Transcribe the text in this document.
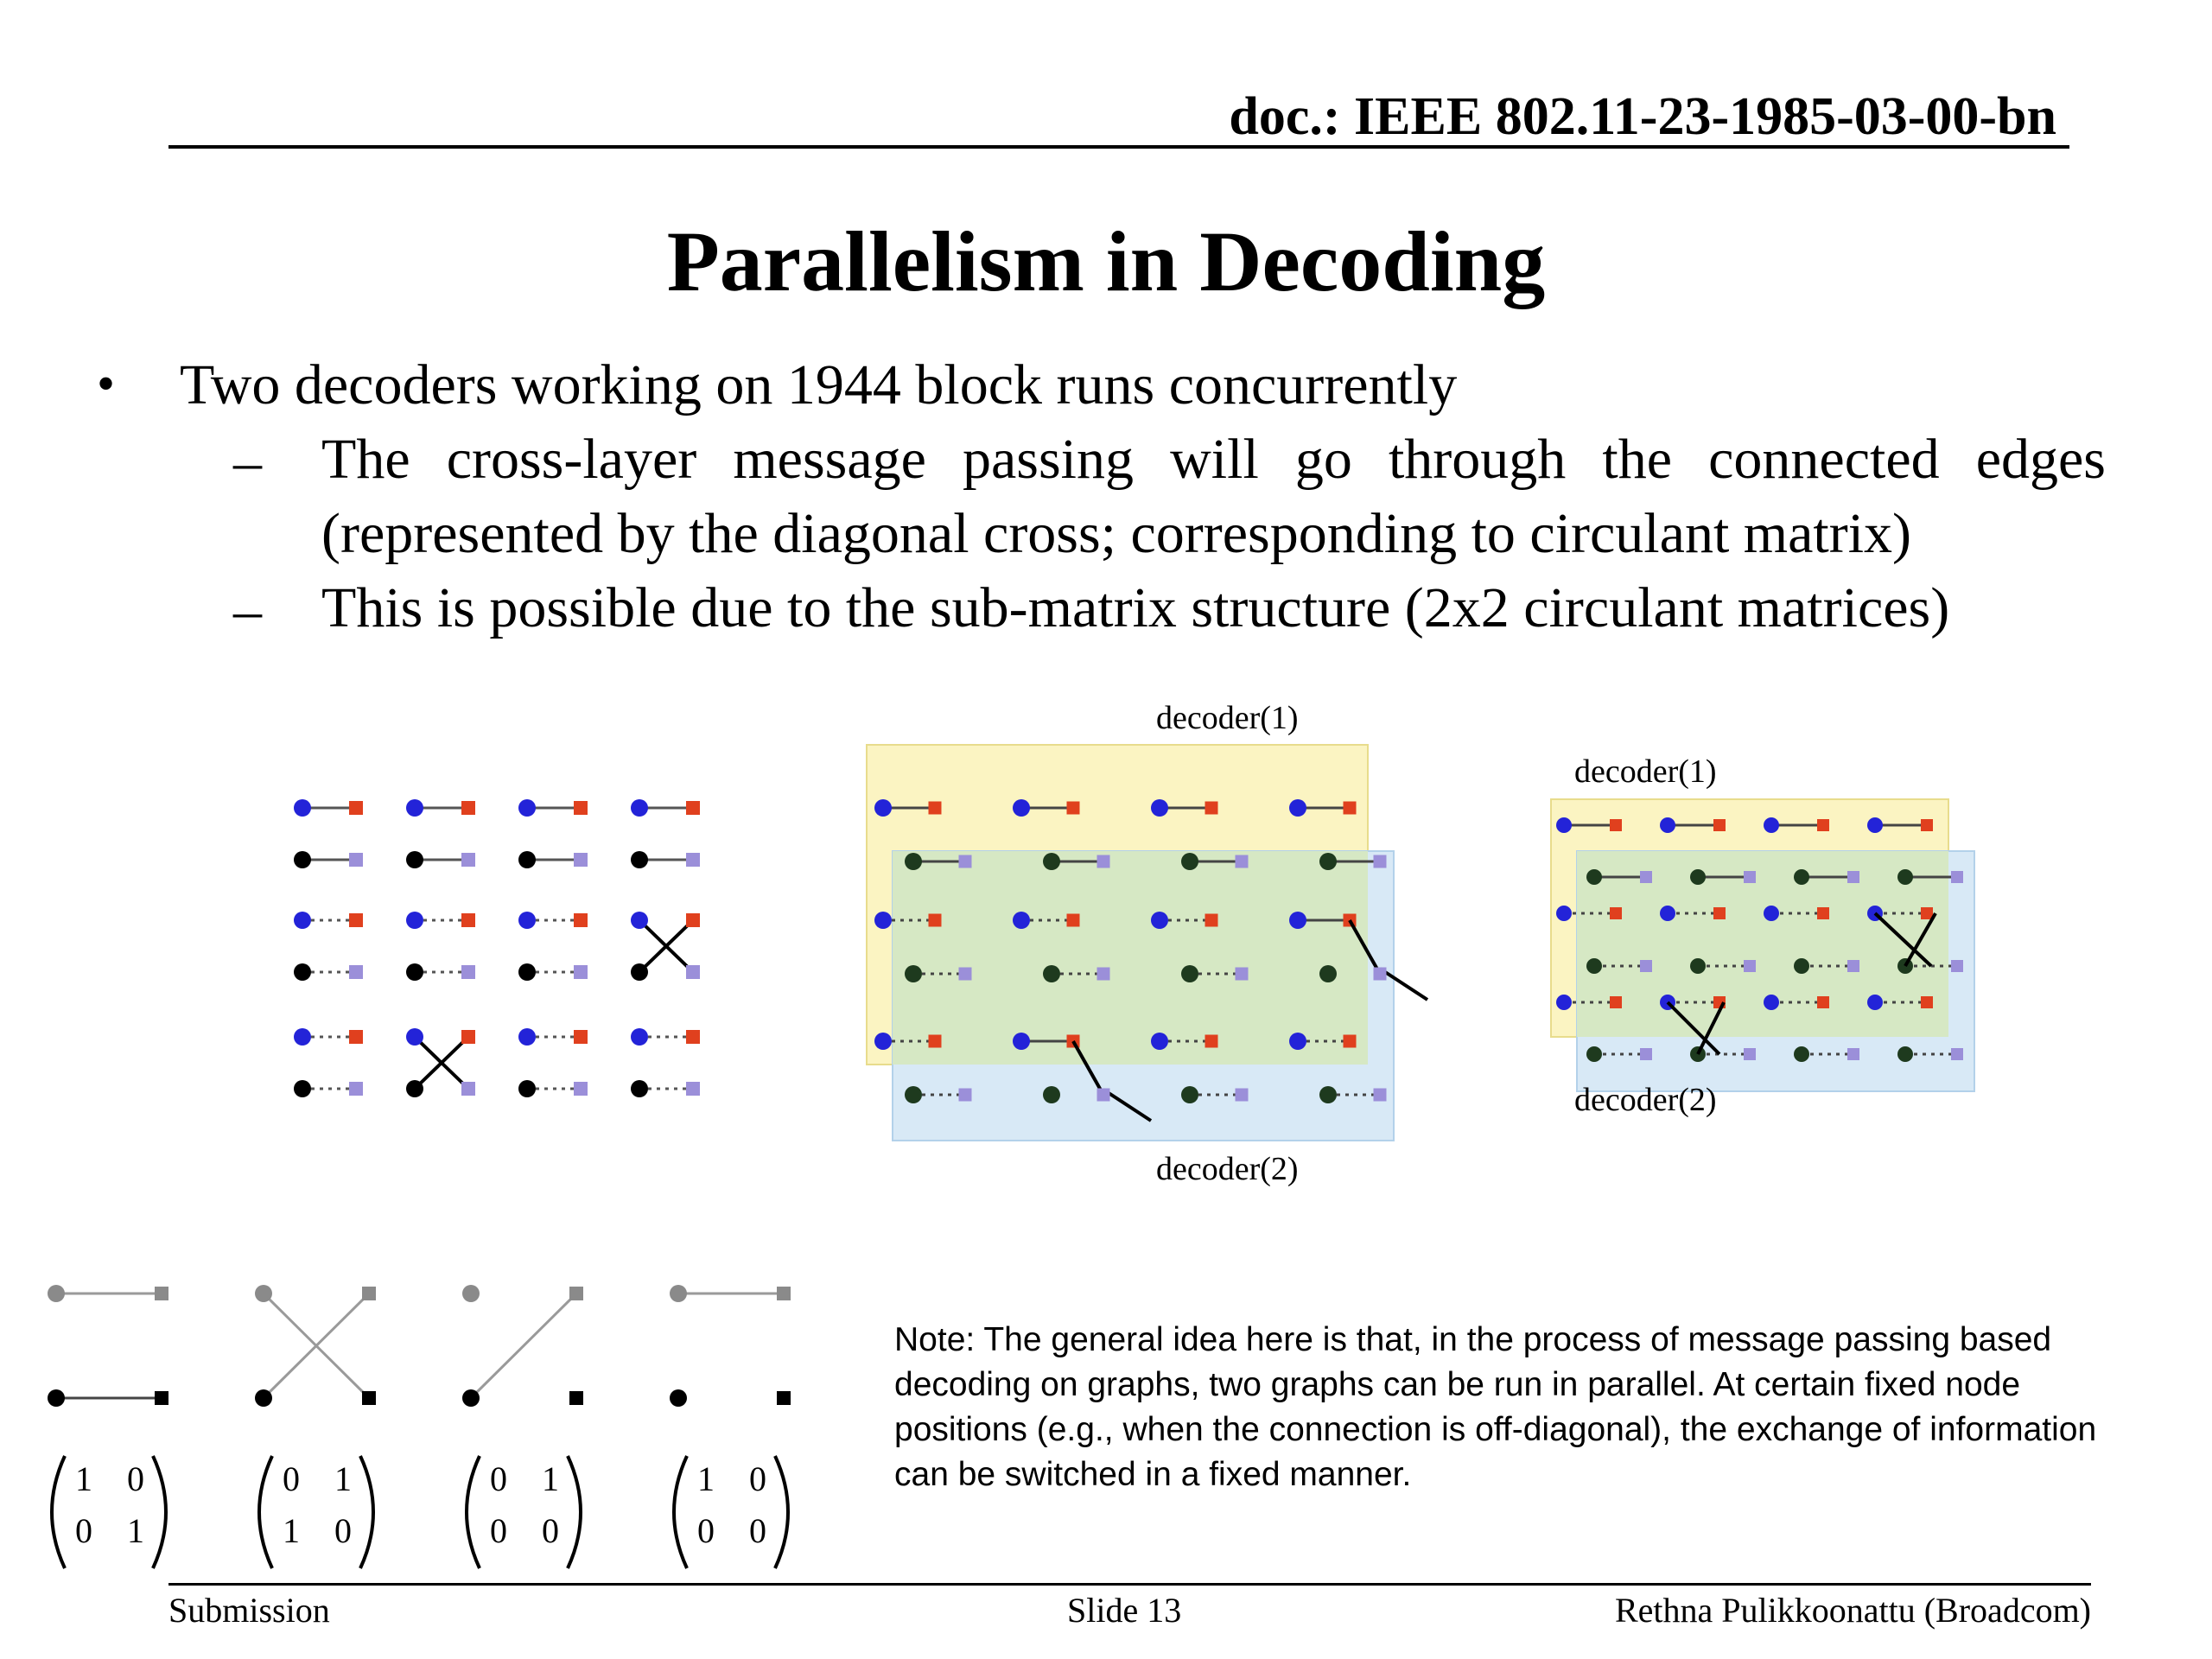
doc.: IEEE 802.11-23-1985-03-00-bn
Parallelism in Decoding
• Two decoders working on 1944 block runs concurrently
– The cross-layer message passing will go through the connected edges
(represented by the diagonal cross; corresponding to circulant matrix)
– This is possible due to the sub-matrix structure (2x2 circulant matrices)
decoder(1)
decoder(2)
decoder(1)
decoder(2)
1 0
0 1
0 1
1 0
0 1
0 0
1 0
0 0
Note: The general idea here is that, in the process of message passing based decoding on graphs, two graphs can be run in parallel. At certain fixed node positions (e.g., when the connection is off-diagonal), the exchange of information can be switched in a fixed manner.
Submission	Slide 13	Rethna Pulikkoonattu (Broadcom)
